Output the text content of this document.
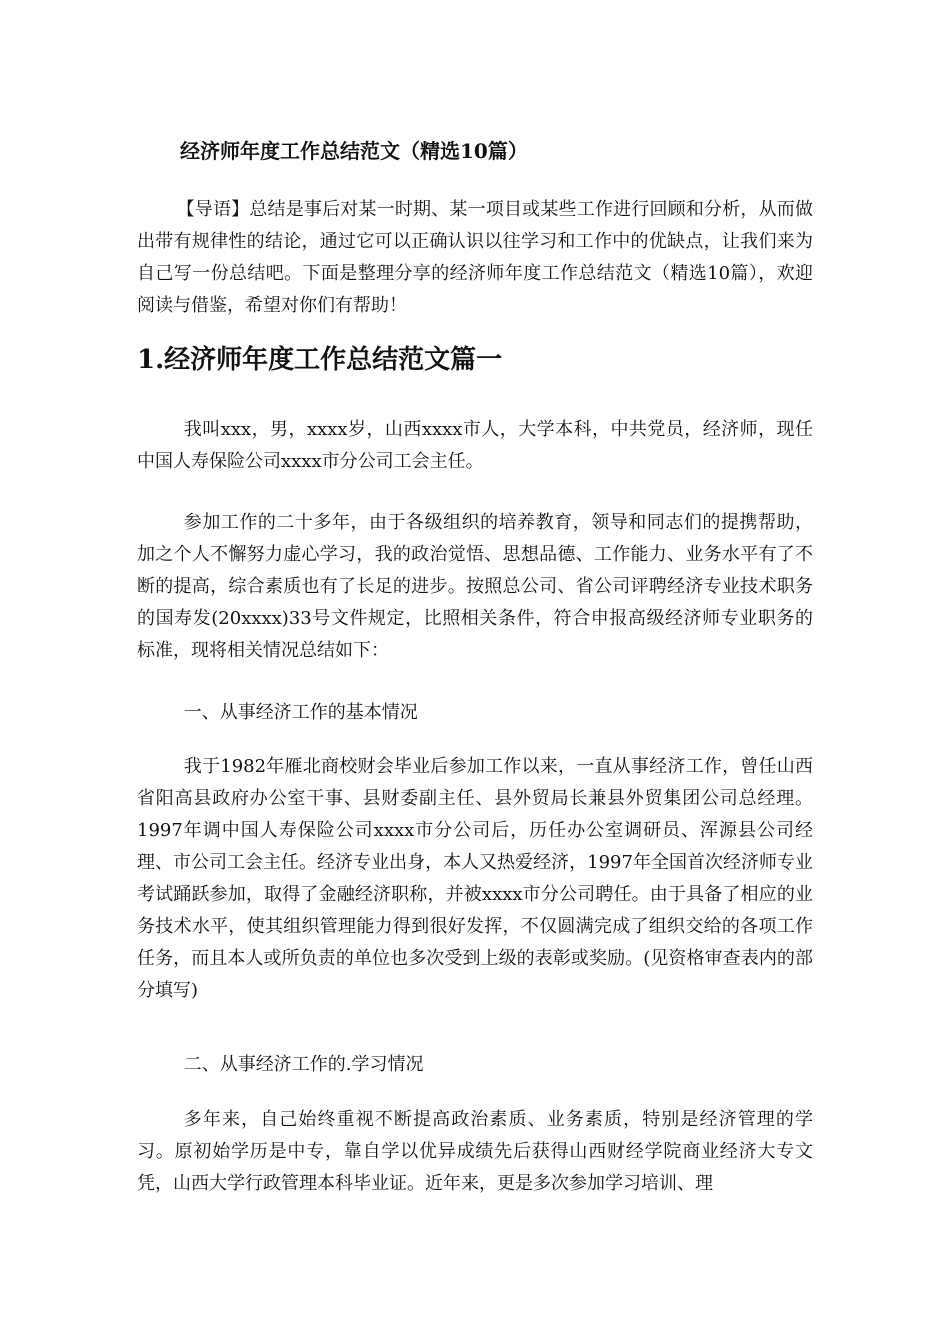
经济师年度工作总结范文（精选10篇）

【导语】总结是事后对某一时期、某一项目或某些工作进行回顾和分析，从而做出带有规律性的结论，通过它可以正确认识以往学习和工作中的优缺点，让我们来为自己写一份总结吧。下面是整理分享的经济师年度工作总结范文（精选10篇），欢迎阅读与借鉴，希望对你们有帮助！

1.经济师年度工作总结范文篇一

我叫xxx，男，xxxx岁，山西xxxx市人，大学本科，中共党员，经济师，现任中国人寿保险公司xxxx市分公司工会主任。

参加工作的二十多年，由于各级组织的培养教育，领导和同志们的提携帮助，加之个人不懈努力虚心学习，我的政治觉悟、思想品德、工作能力、业务水平有了不断的提高，综合素质也有了长足的进步。按照总公司、省公司评聘经济专业技术职务的国寿发(20xxxx)33号文件规定，比照相关条件，符合申报高级经济师专业职务的标准，现将相关情况总结如下：

一、从事经济工作的基本情况

我于1982年雁北商校财会毕业后参加工作以来，一直从事经济工作，曾任山西省阳高县政府办公室干事、县财委副主任、县外贸局长兼县外贸集团公司总经理。1997年调中国人寿保险公司xxxx市分公司后，历任办公室调研员、浑源县公司经理、市公司工会主任。经济专业出身，本人又热爱经济，1997年全国首次经济师专业考试踊跃参加，取得了金融经济职称，并被xxxx市分公司聘任。由于具备了相应的业务技术水平，使其组织管理能力得到很好发挥，不仅圆满完成了组织交给的各项工作任务，而且本人或所负责的单位也多次受到上级的表彰或奖励。(见资格审查表内的部分填写)

二、从事经济工作的.学习情况

多年来，自己始终重视不断提高政治素质、业务素质，特别是经济管理的学习。原初始学历是中专，靠自学以优异成绩先后获得山西财经学院商业经济大专文凭，山西大学行政管理本科毕业证。近年来，更是多次参加学习培训、理
